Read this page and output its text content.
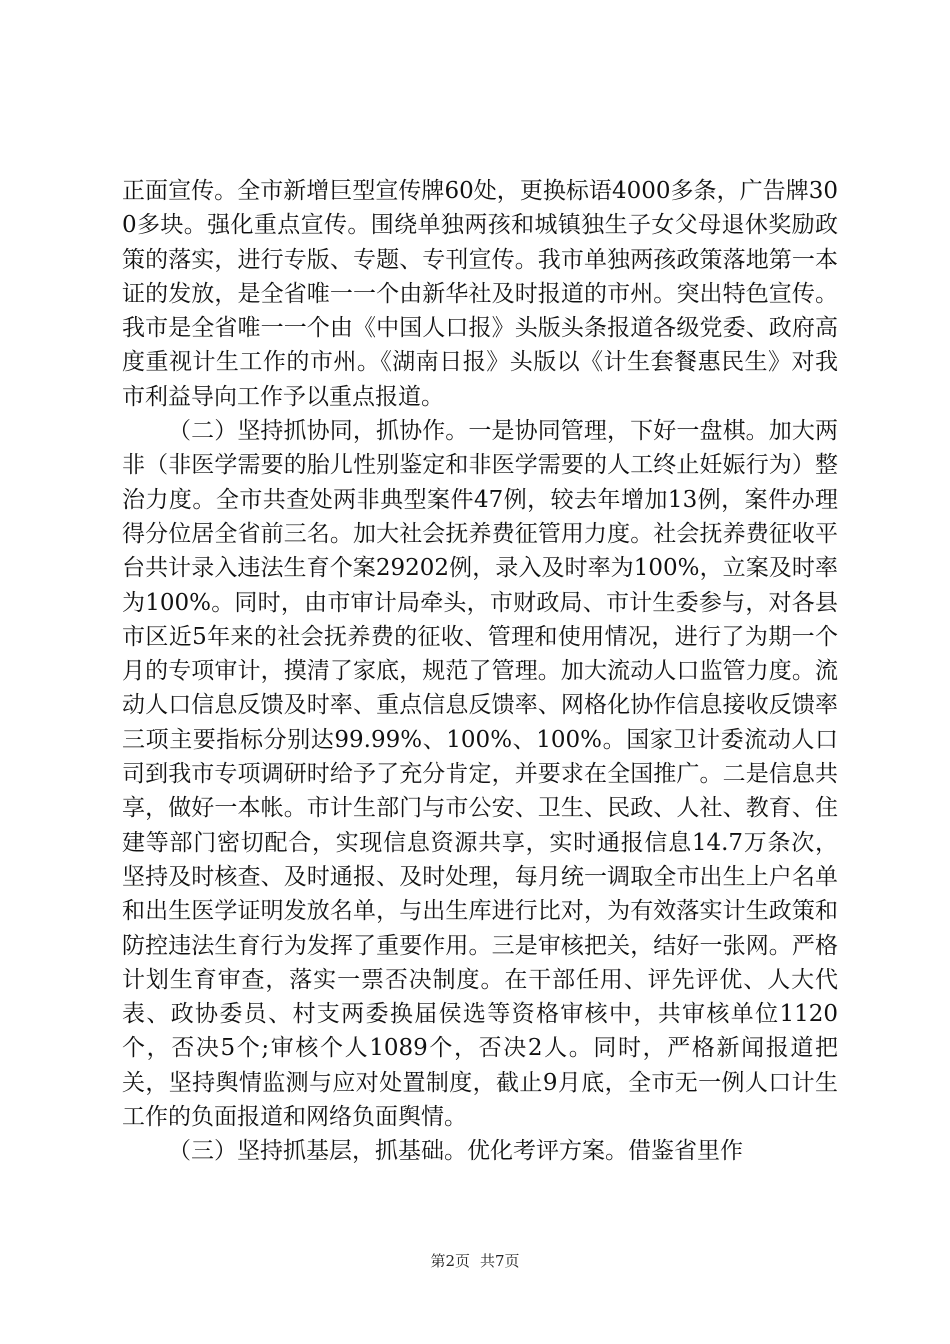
正面宣传。全市新增巨型宣传牌60处，更换标语4000多条，广告牌300多块。强化重点宣传。围绕单独两孩和城镇独生子女父母退休奖励政策的落实，进行专版、专题、专刊宣传。我市单独两孩政策落地第一本证的发放，是全省唯一一个由新华社及时报道的市州。突出特色宣传。我市是全省唯一一个由《中国人口报》头版头条报道各级党委、政府高度重视计生工作的市州。《湖南日报》头版以《计生套餐惠民生》对我市利益导向工作予以重点报道。

（二）坚持抓协同，抓协作。一是协同管理，下好一盘棋。加大两非（非医学需要的胎儿性别鉴定和非医学需要的人工终止妊娠行为）整治力度。全市共查处两非典型案件47例，较去年增加13例，案件办理得分位居全省前三名。加大社会抚养费征管用力度。社会抚养费征收平台共计录入违法生育个案29202例，录入及时率为100%，立案及时率为100%。同时，由市审计局牵头，市财政局、市计生委参与，对各县市区近5年来的社会抚养费的征收、管理和使用情况，进行了为期一个月的专项审计，摸清了家底，规范了管理。加大流动人口监管力度。流动人口信息反馈及时率、重点信息反馈率、网格化协作信息接收反馈率三项主要指标分别达99.99%、100%、100%。国家卫计委流动人口司到我市专项调研时给予了充分肯定，并要求在全国推广。二是信息共享，做好一本帐。市计生部门与市公安、卫生、民政、人社、教育、住建等部门密切配合，实现信息资源共享，实时通报信息14.7万条次，坚持及时核查、及时通报、及时处理，每月统一调取全市出生上户名单和出生医学证明发放名单，与出生库进行比对，为有效落实计生政策和防控违法生育行为发挥了重要作用。三是审核把关，结好一张网。严格计划生育审查，落实一票否决制度。在干部任用、评先评优、人大代表、政协委员、村支两委换届侯选等资格审核中，共审核单位1120个，否决5个;审核个人1089个，否决2人。同时，严格新闻报道把关，坚持舆情监测与应对处置制度，截止9月底，全市无一例人口计生工作的负面报道和网络负面舆情。

（三）坚持抓基层，抓基础。优化考评方案。借鉴省里作

第2页 共7页
